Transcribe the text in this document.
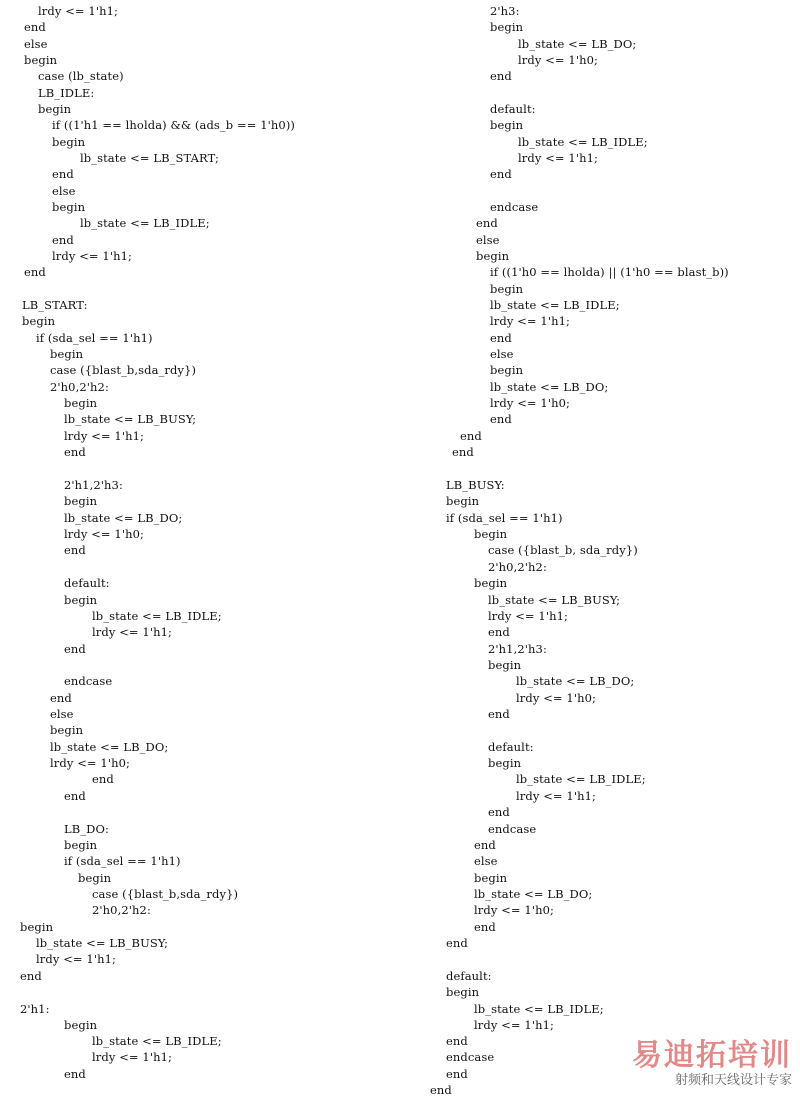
lrdy <= 1'h1;
end
else
begin
case (lb_state)
LB_IDLE:
begin
if ((1'h1 == lholda) && (ads_b == 1'h0))
begin
lb_state <= LB_START;
end
else
begin
lb_state <= LB_IDLE;
end
lrdy <= 1'h1;
end
LB_START:
begin
if (sda_sel == 1'h1)
begin
case ({blast_b,sda_rdy})
2'h0,2'h2:
begin
lb_state <= LB_BUSY;
lrdy <= 1'h1;
end
2'h1,2'h3:
begin
lb_state <= LB_DO;
lrdy <= 1'h0;
end
default:
begin
lb_state <= LB_IDLE;
lrdy <= 1'h1;
end
endcase
end
else
begin
lb_state <= LB_DO;
lrdy <= 1'h0;
end
end
LB_DO:
begin
if (sda_sel == 1'h1)
begin
case ({blast_b,sda_rdy})
2'h0,2'h2:
begin
lb_state <= LB_BUSY;
lrdy <= 1'h1;
end
2'h1:
begin
lb_state <= LB_IDLE;
lrdy <= 1'h1;
end
2'h3:
begin
lb_state <= LB_DO;
lrdy <= 1'h0;
end
default:
begin
lb_state <= LB_IDLE;
lrdy <= 1'h1;
end
endcase
end
else
begin
if ((1'h0 == lholda) || (1'h0 == blast_b))
begin
lb_state <= LB_IDLE;
lrdy <= 1'h1;
end
else
begin
lb_state <= LB_DO;
lrdy <= 1'h0;
end
end
end
LB_BUSY:
begin
if (sda_sel == 1'h1)
begin
case ({blast_b, sda_rdy})
2'h0,2'h2:
begin
lb_state <= LB_BUSY;
lrdy <= 1'h1;
end
2'h1,2'h3:
begin
lb_state <= LB_DO;
lrdy <= 1'h0;
end
default:
begin
lb_state <= LB_IDLE;
lrdy <= 1'h1;
end
endcase
end
else
begin
lb_state <= LB_DO;
lrdy <= 1'h0;
end
end
default:
begin
lb_state <= LB_IDLE;
lrdy <= 1'h1;
end
endcase
end
end
易迪拓培训
射频和天线设计专家
